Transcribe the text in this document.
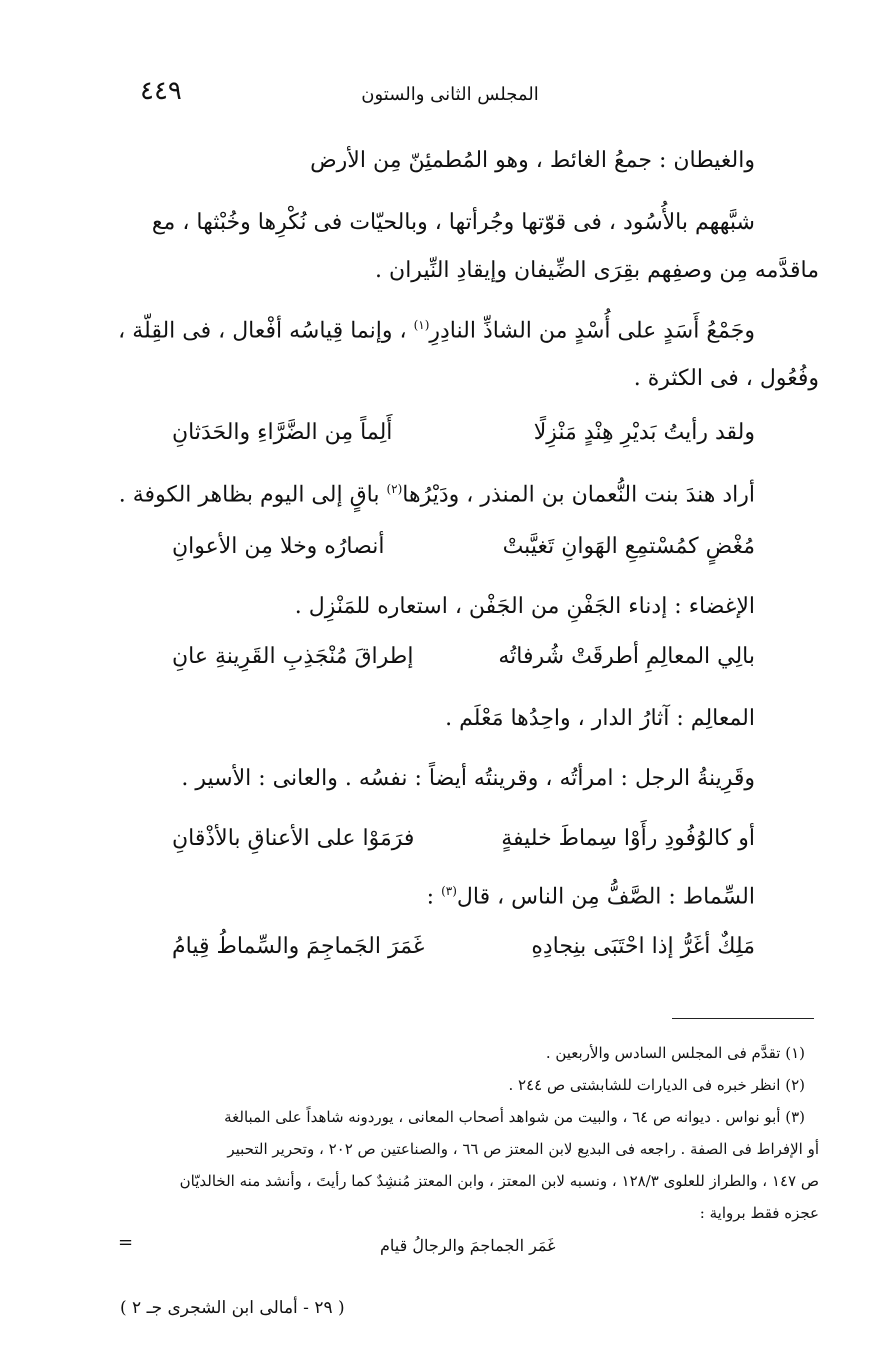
٤٤٩	المجلس الثانى والستون
والغيطان : جمعُ الغائط ، وهو المُطمئِنّ مِن الأرض
شبَّههم بالأُسُود ، فى قوّتها وجُرأتها ، وبالحيّات فى نُكْرِها وخُبْثها ، مع
ماقدَّمه مِن وصفِهم بقِرَى الضِّيفان وإيقادِ النِّيران .
وجَمْعُ أَسَدٍ على أُسْدٍ من الشاذِّ النادِرِ$^{(١)}$ ، وإنما قِياسُه أفْعال ، فى القِلّة ،
وفُعُول ، فى الكثرة .
ولقد رأيتُ بَديْرِ هِنْدٍ مَنْزِلًا
أَلِماً مِن الضَّرَّاءِ والحَدَثانِ
أراد هندَ بنت النُّعمان بن المنذر ، ودَيْرُها$^{(٢)}$ باقٍ إلى اليوم بظاهر الكوفة .
مُغْضٍ كمُسْتمِعِ الهَوانِ تَغيَّبتْ
أنصارُه وخلا مِن الأعوانِ
الإغضاء : إدناء الجَفْنِ من الجَفْن ، استعاره للمَنْزِل .
بالِي المعالِمِ أطرقَتْ شُرفاتُه
إطراقَ مُنْجَذِبِ القَرِينةِ عانِ
المعالِم : آثارُ الدار ، واحِدُها مَعْلَم .
وقَرِينةُ الرجل : امرأتُه ، وقرينتُه أيضاً : نفسُه . والعانى : الأسير .
أو كالوُفُودِ رأَوْا سِماطَ خليفةٍ
فرَمَوْا على الأعناقِ بالأذْقانِ
السِّماط : الصَّفُّ مِن الناس ، قال$^{(٣)}$ :
مَلِكٌ أغَرُّ إذا احْتَبَى بنِجادِهِ
غَمَرَ الجَماجِمَ والسِّماطُ قِيامُ
(١) تقدَّم فى المجلس السادس والأربعين .
(٢) انظر خبره فى الديارات للشابشتى ص ٢٤٤ .
(٣) أبو نواس . ديوانه ص ٦٤ ، والبيت من شواهد أصحاب المعانى ، يوردونه شاهداً على المبالغة
أو الإفراط فى الصفة . راجعه فى البديع لابن المعتز ص ٦٦ ، والصناعتين ص ٢٠٢ ، وتحرير التحبير
ص ١٤٧ ، والطراز للعلوى ١٢٨/٣ ، ونسبه لابن المعتز ، وابن المعتز مُنشِدٌ كما رأيتَ ، وأنشد منه الخالديّان
عجزه فقط برواية :
غَمَر الجماجمَ والرجالُ قيام
=
( ٢٩ - أمالى ابن الشجرى جـ ٢ )
